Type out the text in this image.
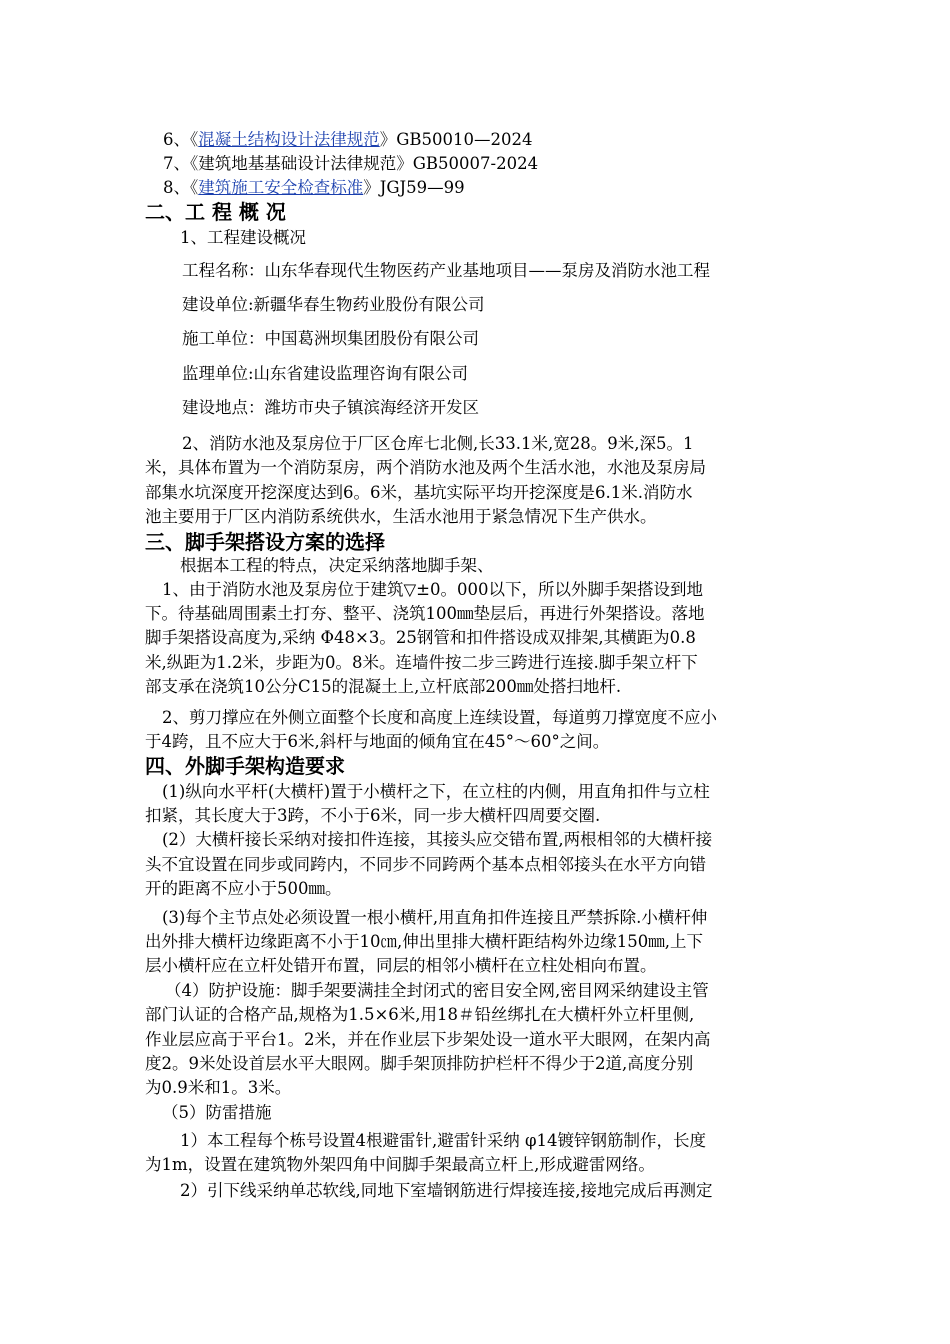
6、《混凝土结构设计法律规范》GB50010—2024
7、《建筑地基基础设计法律规范》GB50007-2024
8、《建筑施工安全检查标准》JGJ59—99
二、工 程 概 况
1、工程建设概况
工程名称：山东华春现代生物医药产业基地项目——泵房及消防水池工程
建设单位:新疆华春生物药业股份有限公司
施工单位：中国葛洲坝集团股份有限公司
监理单位:山东省建设监理咨询有限公司
建设地点：潍坊市央子镇滨海经济开发区
2、消防水池及泵房位于厂区仓库七北侧,长33.1米,宽28。9米,深5。1
米，具体布置为一个消防泵房，两个消防水池及两个生活水池，水池及泵房局
部集水坑深度开挖深度达到6。6米，基坑实际平均开挖深度是6.1米.消防水
池主要用于厂区内消防系统供水，生活水池用于紧急情况下生产供水。
三、脚手架搭设方案的选择
根据本工程的特点，决定采纳落地脚手架、
1、由于消防水池及泵房位于建筑▽±0。000以下，所以外脚手架搭设到地
下。待基础周围素土打夯、整平、浇筑100㎜垫层后，再进行外架搭设。落地
脚手架搭设高度为,采纳 Φ48×3。25钢管和扣件搭设成双排架,其横距为0.8
米,纵距为1.2米，步距为0。8米。连墙件按二步三跨进行连接.脚手架立杆下
部支承在浇筑10公分C15的混凝土上,立杆底部200㎜处搭扫地杆.
2、剪刀撑应在外侧立面整个长度和高度上连续设置，每道剪刀撑宽度不应小
于4跨，且不应大于6米,斜杆与地面的倾角宜在45°～60°之间。
四、外脚手架构造要求
(1)纵向水平杆(大横杆)置于小横杆之下，在立柱的内侧，用直角扣件与立柱
扣紧，其长度大于3跨，不小于6米，同一步大横杆四周要交圈.
(2）大横杆接长采纳对接扣件连接，其接头应交错布置,两根相邻的大横杆接
头不宜设置在同步或同跨内，不同步不同跨两个基本点相邻接头在水平方向错
开的距离不应小于500㎜。
(3)每个主节点处必须设置一根小横杆,用直角扣件连接且严禁拆除.小横杆伸
出外排大横杆边缘距离不小于10㎝,伸出里排大横杆距结构外边缘150㎜,上下
层小横杆应在立杆处错开布置，同层的相邻小横杆在立柱处相向布置。
（4）防护设施：脚手架要满挂全封闭式的密目安全网,密目网采纳建设主管
部门认证的合格产品,规格为1.5×6米,用18＃铅丝绑扎在大横杆外立杆里侧,
作业层应高于平台1。2米，并在作业层下步架处设一道水平大眼网，在架内高
度2。9米处设首层水平大眼网。脚手架顶排防护栏杆不得少于2道,高度分别
为0.9米和1。3米。
（5）防雷措施
1）本工程每个栋号设置4根避雷针,避雷针采纳 φ14镀锌钢筋制作，长度
为1m，设置在建筑物外架四角中间脚手架最高立杆上,形成避雷网络。
2）引下线采纳单芯软线,同地下室墙钢筋进行焊接连接,接地完成后再测定
